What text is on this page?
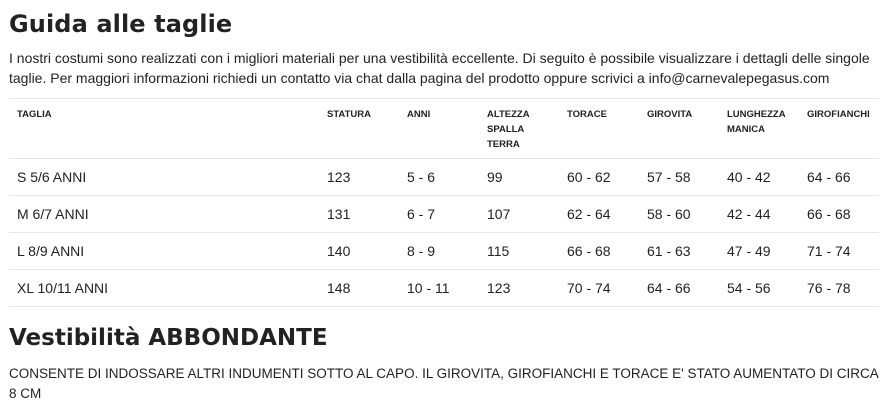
Guida alle taglie

I nostri costumi sono realizzati con i migliori materiali per una vestibilità eccellente. Di seguito è possibile visualizzare i dettagli delle singole taglie. Per maggiori informazioni richiedi un contatto via chat dalla pagina del prodotto oppure scrivici a info@carnevalepegasus.com

TAGLIA	STATURA	ANNI	ALTEZZA SPALLA TERRA	TORACE	GIROVITA	LUNGHEZZA MANICA	GIROFIANCHI
S 5/6 ANNI	123	5 - 6	99	60 - 62	57 - 58	40 - 42	64 - 66
M 6/7 ANNI	131	6 - 7	107	62 - 64	58 - 60	42 - 44	66 - 68
L 8/9 ANNI	140	8 - 9	115	66 - 68	61 - 63	47 - 49	71 - 74
XL 10/11 ANNI	148	10 - 11	123	70 - 74	64 - 66	54 - 56	76 - 78
Vestibilità ABBONDANTE

CONSENTE DI INDOSSARE ALTRI INDUMENTI SOTTO AL CAPO. IL GIROVITA, GIROFIANCHI E TORACE E' STATO AUMENTATO DI CIRCA 8 CM
